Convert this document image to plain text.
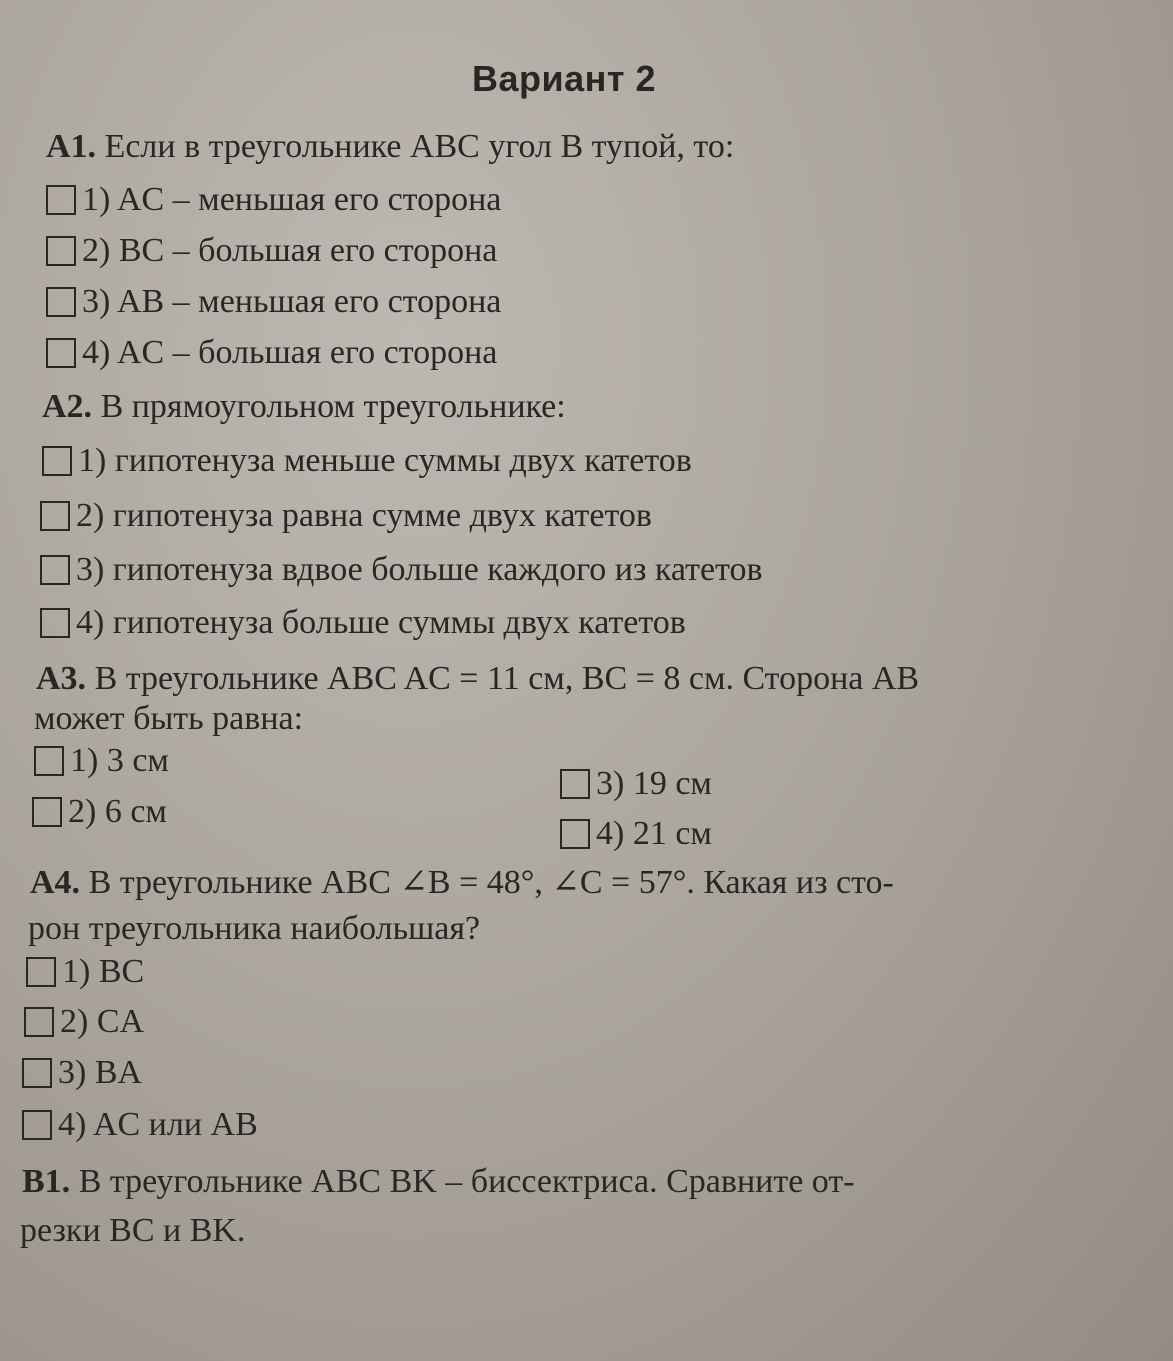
Вариант 2
А1. Если в треугольнике ABC угол B тупой, то:
1) AC – меньшая его сторона
2) BC – большая его сторона
3) AB – меньшая его сторона
4) AC – большая его сторона
А2. В прямоугольном треугольнике:
1) гипотенуза меньше суммы двух катетов
2) гипотенуза равна сумме двух катетов
3) гипотенуза вдвое больше каждого из катетов
4) гипотенуза больше суммы двух катетов
А3. В треугольнике ABC AC = 11 см, BC = 8 см. Сторона AB
может быть равна:
1) 3 см
2) 6 см
3) 19 см
4) 21 см
А4. В треугольнике ABC ∠B = 48°, ∠C = 57°. Какая из сто-
рон треугольника наибольшая?
1) BC
2) CA
3) BA
4) AC или AB
В1. В треугольнике ABC BK – биссектриса. Сравните от-
резки BC и BK.
